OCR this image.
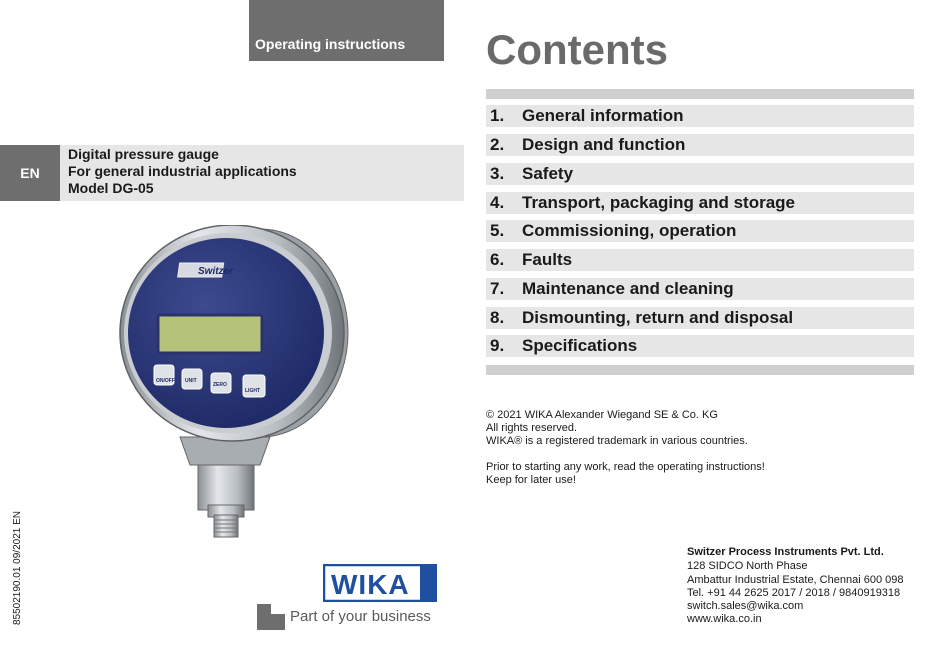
Operating instructions
EN
Digital pressure gauge
For general industrial applications
Model DG-05
Switzer
ON/OFF UNIT
ZERO
LIGHT
Contents
1. General information
2. Design and function
3. Safety
4. Transport, packaging and storage
5. Commissioning, operation
6. Faults
7. Maintenance and cleaning
8. Dismounting, return and disposal
9. Specifications
© 2021 WIKA Alexander Wiegand SE & Co. KG
All rights reserved.
WIKA® is a registered trademark in various countries.
Prior to starting any work, read the operating instructions!
Keep for later use!
Switzer Process Instruments Pvt. Ltd.
128 SIDCO North Phase
Ambattur Industrial Estate, Chennai 600 098
Tel. +91 44 2625 2017 / 2018 / 9840919318
switch.sales@wika.com
www.wika.co.in
85502190.01 09/2021 EN	WIKA
Part of your business
